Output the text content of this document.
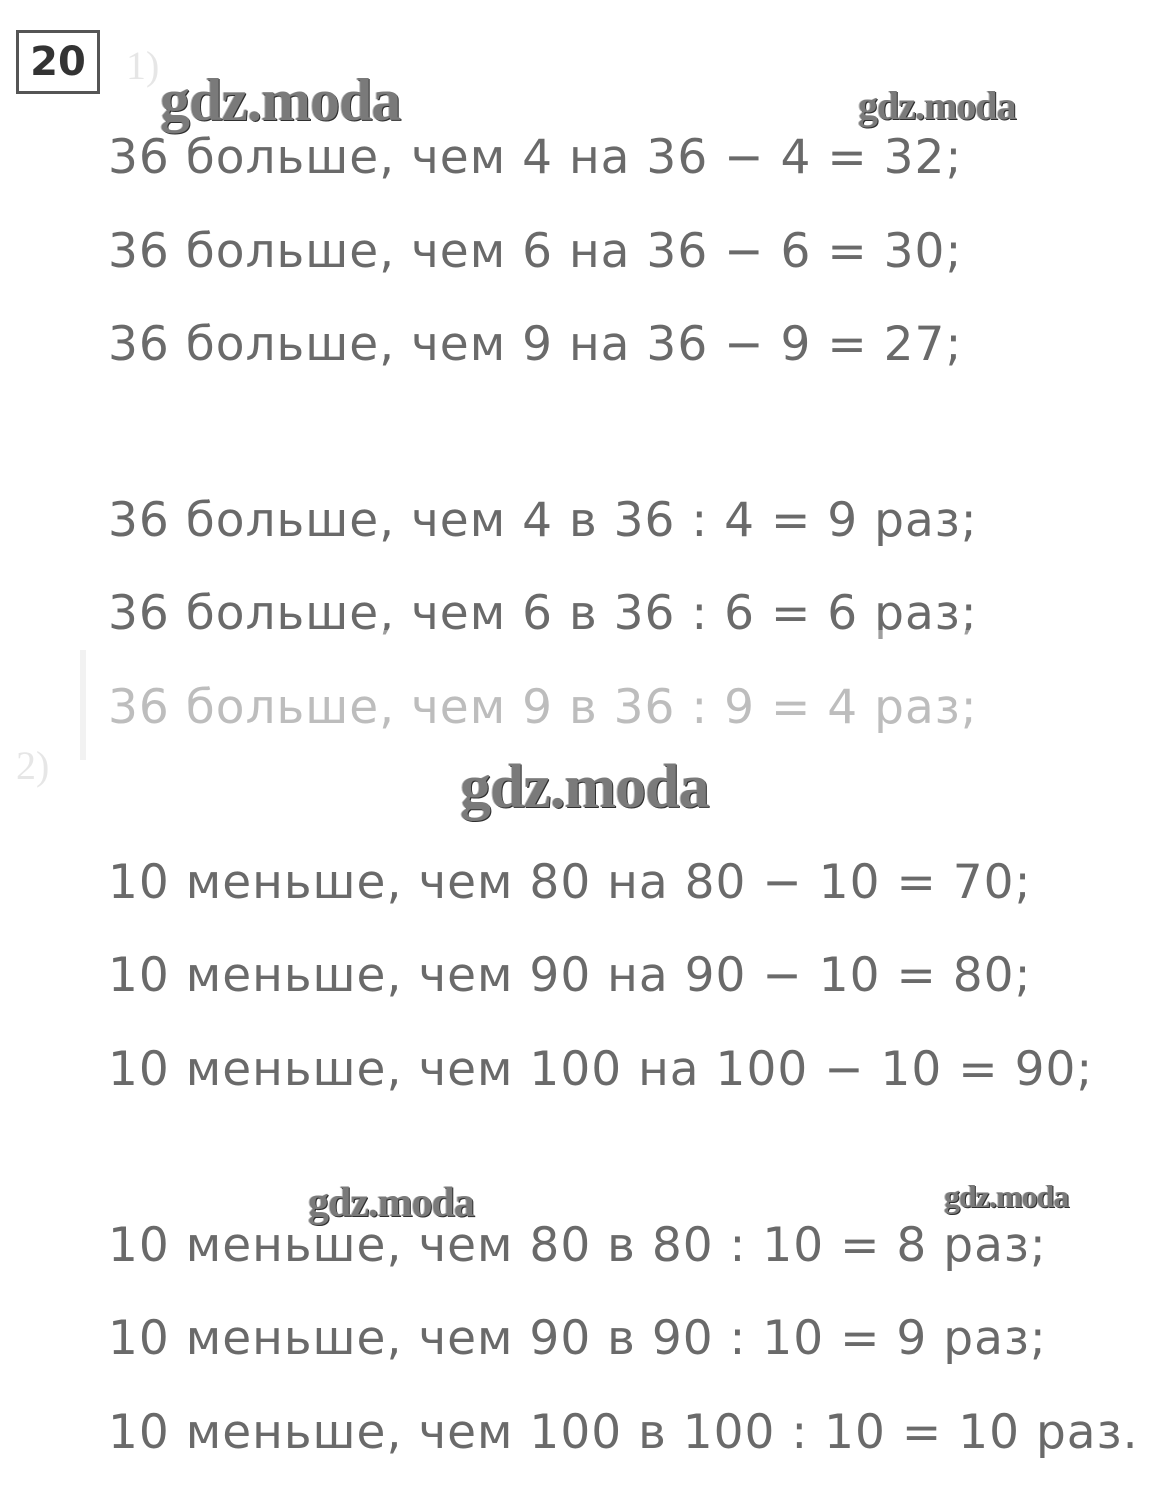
20 1)
2)
36 больше, чем 4 на 36 − 4 = 32;
36 больше, чем 6 на 36 − 6 = 30;
36 больше, чем 9 на 36 − 9 = 27;
36 больше, чем 4 в 36 : 4 = 9 раз;
36 больше, чем 6 в 36 : 6 = 6 раз;
36 больше, чем 9 в 36 : 9 = 4 раз;
10 меньше, чем 80 на 80 − 10 = 70;
10 меньше, чем 90 на 90 − 10 = 80;
10 меньше, чем 100 на 100 − 10 = 90;
10 меньше, чем 80 в 80 : 10 = 8 раз;
10 меньше, чем 90 в 90 : 10 = 9 раз;
10 меньше, чем 100 в 100 : 10 = 10 раз.
gdz.moda	gdz.moda
gdz.moda
gdz.moda	gdz.moda
